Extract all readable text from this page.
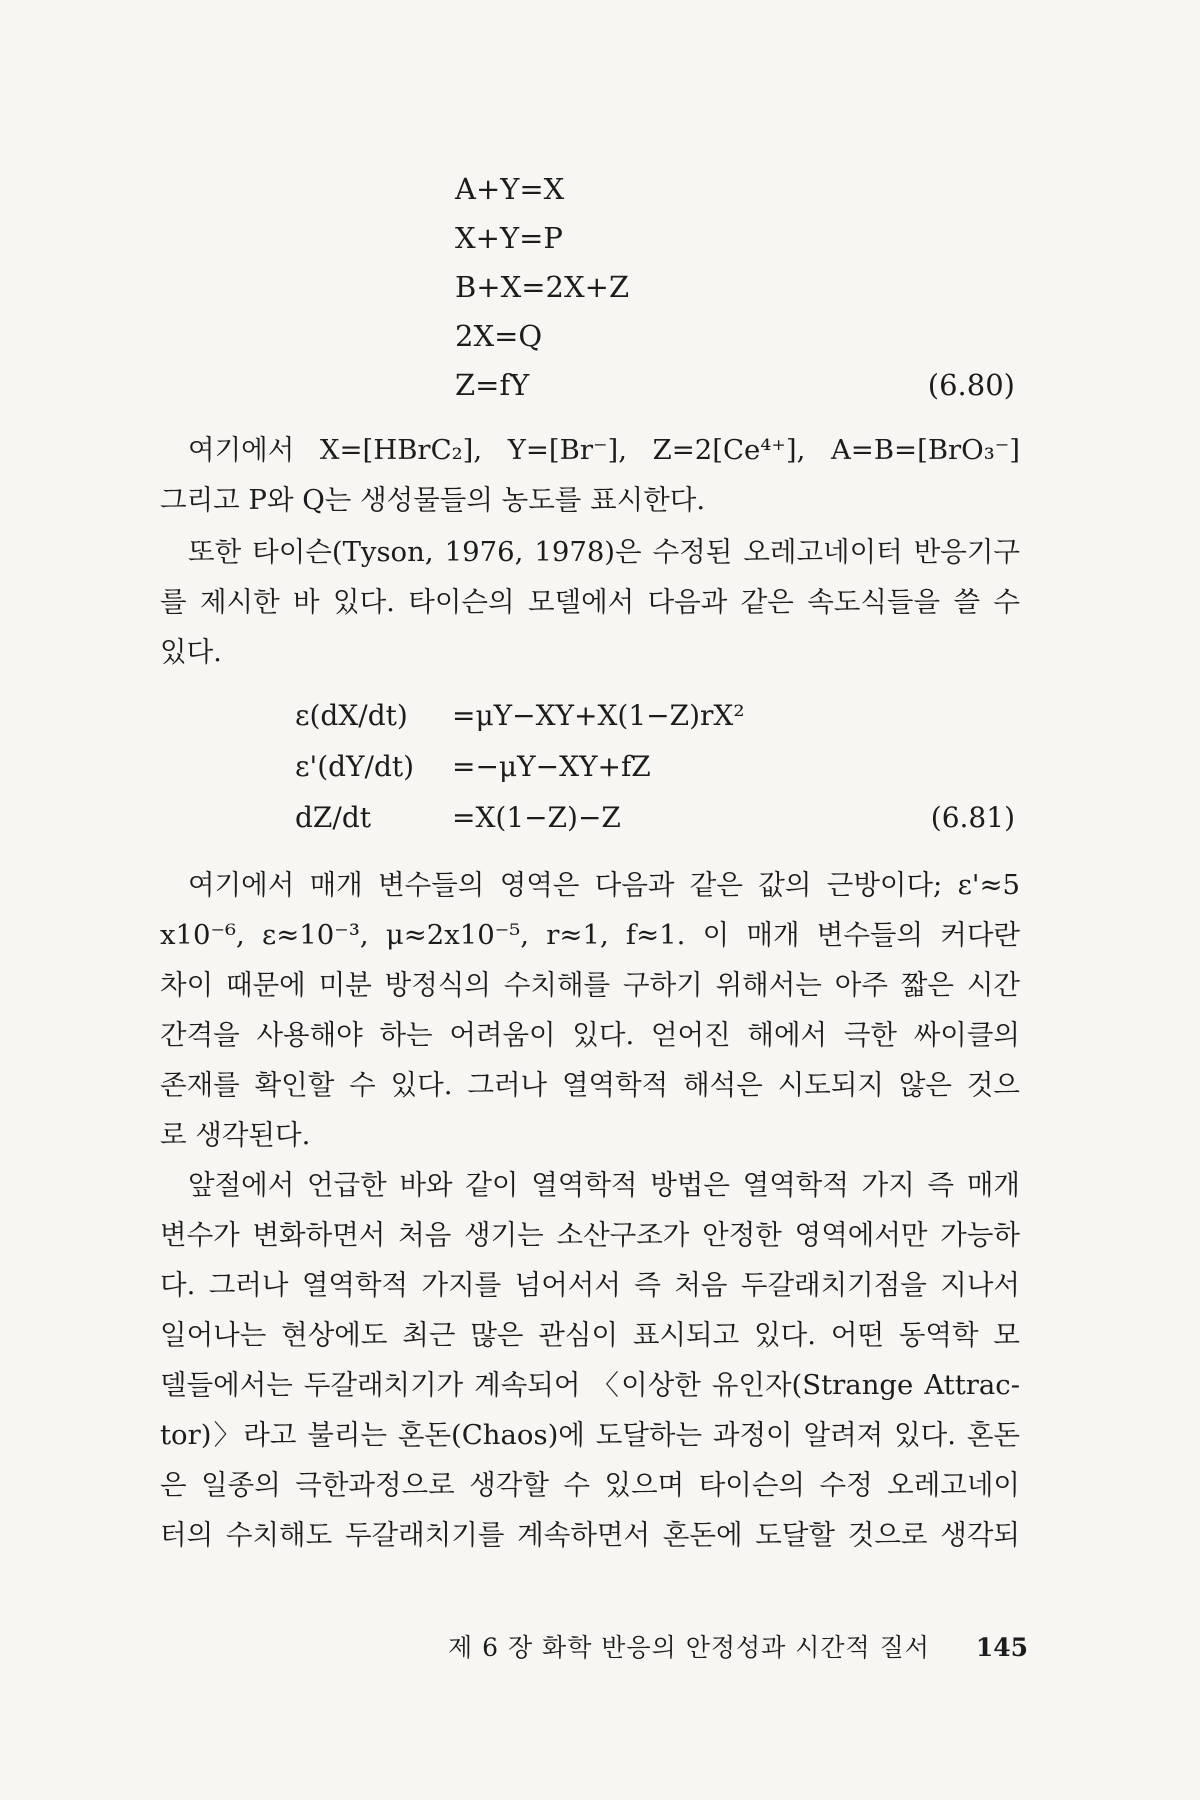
A+Y=X
X+Y=P
B+X=2X+Z
2X=Q
Z=fY	(6.80)
여기에서 X=[HBrC₂], Y=[Br⁻], Z=2[Ce⁴⁺], A=B=[BrO₃⁻]
그리고 P와 Q는 생성물들의 농도를 표시한다.
또한 타이슨(Tyson, 1976, 1978)은 수정된 오레고네이터 반응기구
를 제시한 바 있다. 타이슨의 모델에서 다음과 같은 속도식들을 쓸 수
있다.
ε(dX/dt) =μY−XY+X(1−Z)rX²
ε'(dY/dt) =−μY−XY+fZ
dZ/dt	=X(1−Z)−Z	(6.81)
여기에서 매개 변수들의 영역은 다음과 같은 값의 근방이다; ε'≈5
x10⁻⁶, ε≈10⁻³, μ≈2x10⁻⁵, r≈1, f≈1. 이 매개 변수들의 커다란
차이 때문에 미분 방정식의 수치해를 구하기 위해서는 아주 짧은 시간
간격을 사용해야 하는 어려움이 있다. 얻어진 해에서 극한 싸이클의
존재를 확인할 수 있다. 그러나 열역학적 해석은 시도되지 않은 것으
로 생각된다.
앞절에서 언급한 바와 같이 열역학적 방법은 열역학적 가지 즉 매개
변수가 변화하면서 처음 생기는 소산구조가 안정한 영역에서만 가능하
다. 그러나 열역학적 가지를 넘어서서 즉 처음 두갈래치기점을 지나서
일어나는 현상에도 최근 많은 관심이 표시되고 있다. 어떤 동역학 모
델들에서는 두갈래치기가 계속되어 〈이상한 유인자(Strange Attrac-
tor)〉라고 불리는 혼돈(Chaos)에 도달하는 과정이 알려져 있다. 혼돈
은 일종의 극한과정으로 생각할 수 있으며 타이슨의 수정 오레고네이
터의 수치해도 두갈래치기를 계속하면서 혼돈에 도달할 것으로 생각되
제 6 장 화학 반응의 안정성과 시간적 질서 145
